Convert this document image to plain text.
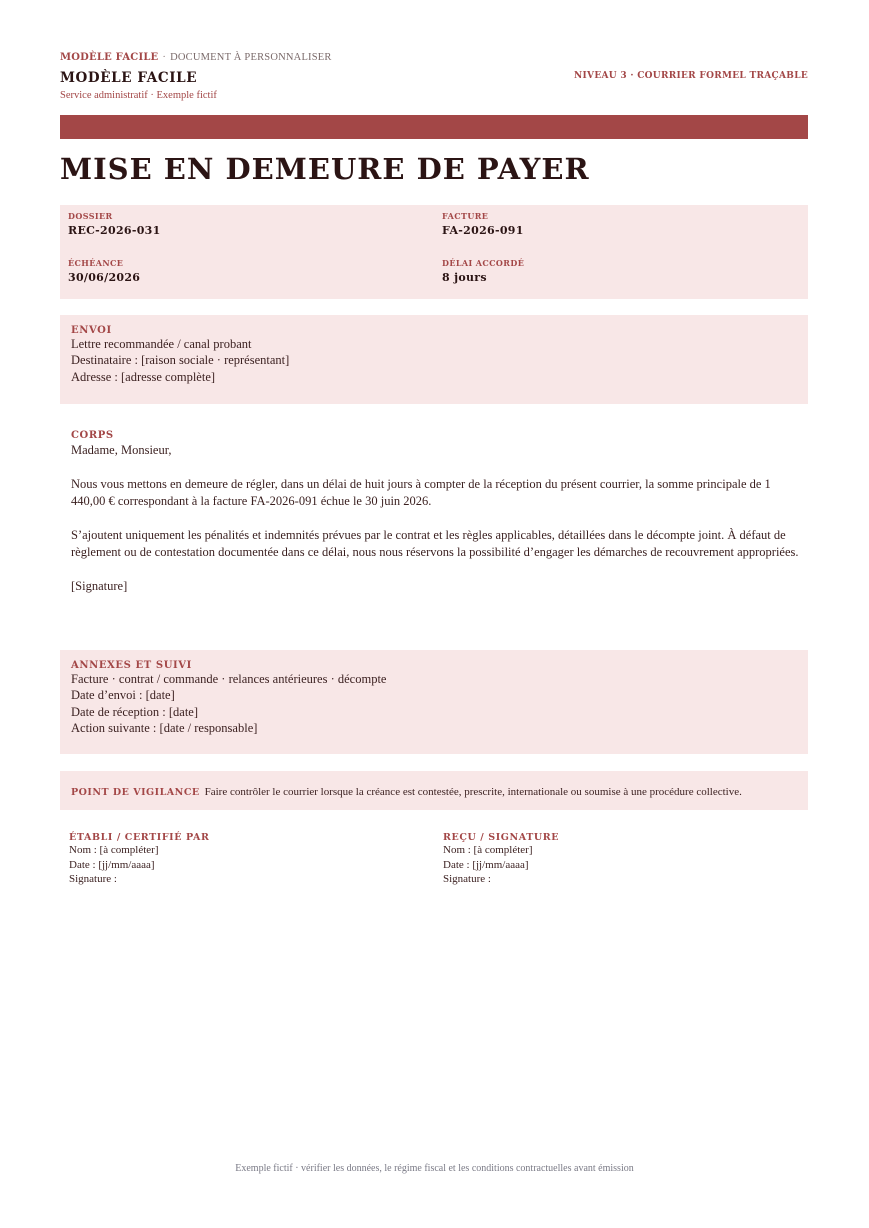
MODÈLE FACILE · DOCUMENT À PERSONNALISER
MODÈLE FACILE
Service administratif · Exemple fictif
NIVEAU 3 · COURRIER FORMEL TRAÇABLE
MISE EN DEMEURE DE PAYER
DOSSIER
REC-2026-031
FACTURE
FA-2026-091
ÉCHÉANCE
30/06/2026
DÉLAI ACCORDÉ
8 jours
ENVOI
Lettre recommandée / canal probant
Destinataire : [raison sociale · représentant]
Adresse : [adresse complète]
CORPS

Madame, Monsieur,

Nous vous mettons en demeure de régler, dans un délai de huit jours à compter de la réception du présent courrier, la somme principale de 1 440,00 € correspondant à la facture FA-2026-091 échue le 30 juin 2026.

S’ajoutent uniquement les pénalités et indemnités prévues par le contrat et les règles applicables, détaillées dans le décompte joint. À défaut de règlement ou de contestation documentée dans ce délai, nous nous réservons la possibilité d’engager les démarches de recouvrement appropriées.

[Signature]

ANNEXES ET SUIVI
Facture · contrat / commande · relances antérieures · décompte
Date d’envoi : [date]
Date de réception : [date]
Action suivante : [date / responsable]
POINT DE VIGILANCE Faire contrôler le courrier lorsque la créance est contestée, prescrite, internationale ou soumise à une procédure collective.
ÉTABLI / CERTIFIÉ PAR
Nom : [à compléter]
Date : [jj/mm/aaaa]
Signature :
REÇU / SIGNATURE
Nom : [à compléter]
Date : [jj/mm/aaaa]
Signature :
Exemple fictif · vérifier les données, le régime fiscal et les conditions contractuelles avant émission
